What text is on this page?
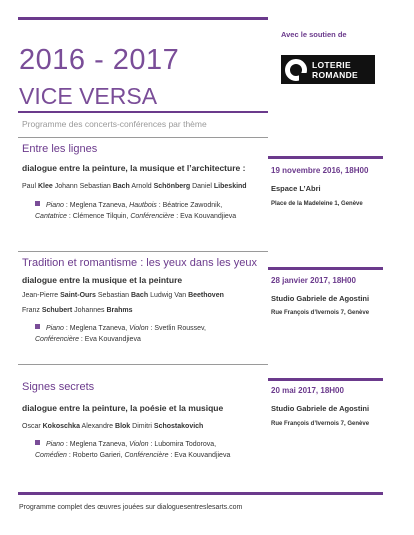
2016 - 2017
VICE VERSA
Programme des concerts-conférences par thème
Avec le soutien de
LOTERIE
ROMANDE
Entre les lignes
dialogue entre la peinture, la musique et l’architecture :
Paul Klee Johann Sebastian Bach Arnold Schönberg Daniel Libeskind
Piano : Meglena Tzaneva, Hautbois : Béatrice Zawodnik,
Cantatrice : Clémence Tilquin, Conférencière : Eva Kouvandjieva
19 novembre 2016, 18H00
Espace L’Abri
Place de la Madeleine 1, Genève
Tradition et romantisme : les yeux dans les yeux
dialogue entre la musique et la peinture
Jean-Pierre Saint-Ours Sebastian Bach Ludwig Van Beethoven
Franz Schubert Johannes Brahms
Piano : Meglena Tzaneva, Violon : Svetlin Roussev,
Conférencière : Eva Kouvandjieva
28 janvier 2017, 18H00
Studio Gabriele de Agostini
Rue François d’Ivernois 7, Genève
Signes secrets
dialogue entre la peinture, la poésie et la musique
Oscar Kokoschka Alexandre Blok Dimitri Schostakovich
Piano : Meglena Tzaneva, Violon : Lubomira Todorova,
Comédien : Roberto Garieri, Conférencière : Eva Kouvandjieva
20 mai 2017, 18H00
Studio Gabriele de Agostini
Rue François d’Ivernois 7, Genève
Programme complet des œuvres jouées sur dialoguesentreslesarts.com
